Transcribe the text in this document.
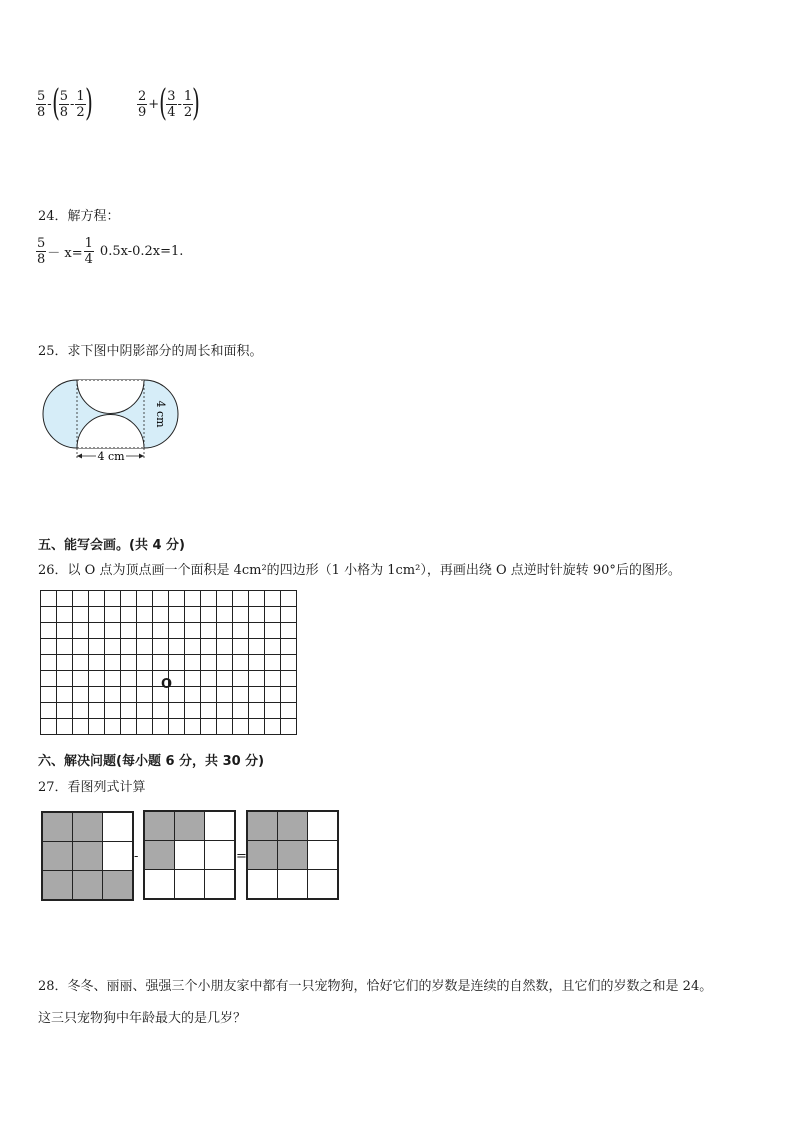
$\frac{5}{8}$ -( $\frac{5}{8} - \frac{1}{2}$ )	$\frac{2}{9}$ +( $\frac{3}{4} - \frac{1}{2}$ )
24．解方程：
$\frac{5}{8} - x= \frac{1}{4} 0.5x-0.2x=1$.
25．求下图中阴影部分的周长和面积。
4 cm
4 cm
五、能写会画。(共 4 分)
26．以 O 点为顶点画一个面积是 4cm²的四边形（1 小格为 1cm²），再画出绕 O 点逆时针旋转 90°后的图形。

O
六、解决问题(每小题 6 分，共 30 分)
27．看图列式计算

-

			=

28．冬冬、丽丽、强强三个小朋友家中都有一只宠物狗，恰好它们的岁数是连续的自然数，且它们的岁数之和是 24。
这三只宠物狗中年龄最大的是几岁？
